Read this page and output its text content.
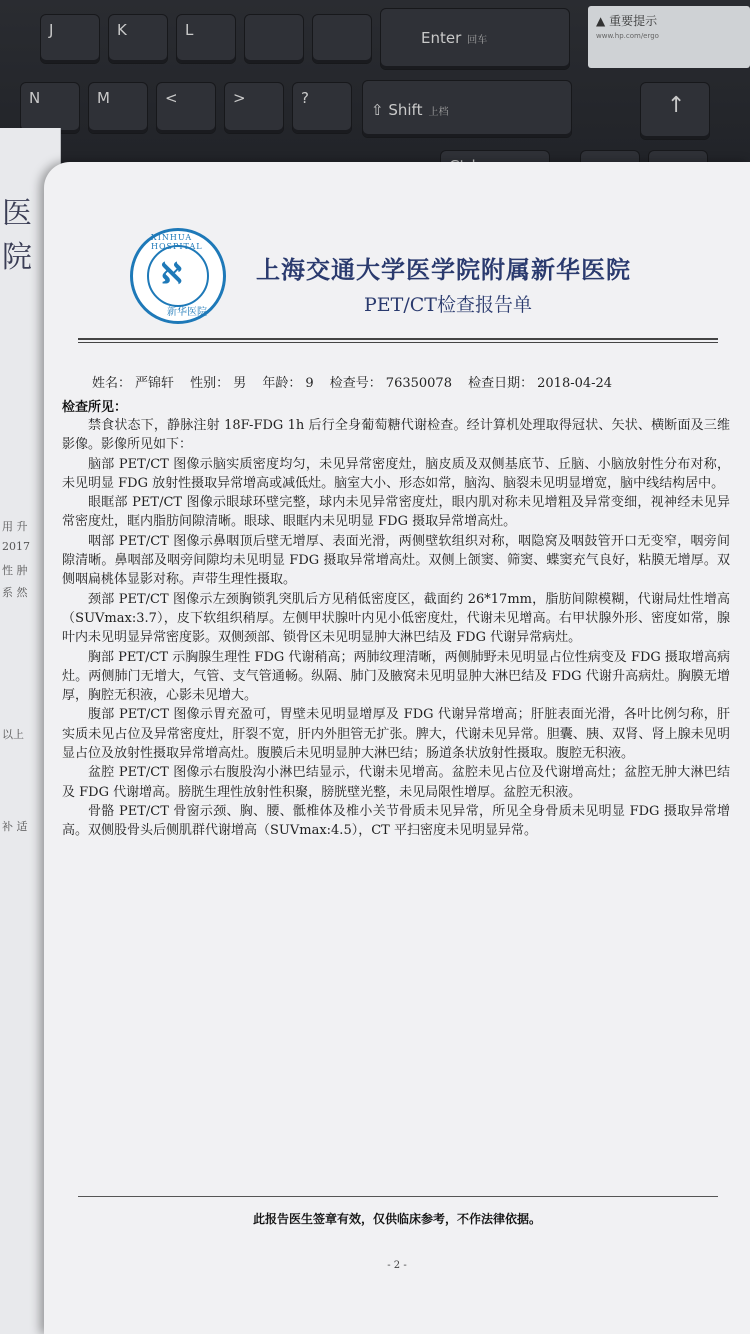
J	K	L	Enter 回车
N	M	<	>	?
⇧ Shift 上档	↑
▲ 重要提示
www.hp.com/ergo
医院
用 升
2017
性 肿
系 然
以上
补 适
XINHUA HOSPITAL
ℵ
新华医院
上海交通大学医学院附属新华医院
PET/CT检查报告单
姓名： 严锦轩 性别： 男 年龄： 9 检查号： 76350078 检查日期： 2018-04-24
检查所见：

禁食状态下，静脉注射 18F-FDG 1h 后行全身葡萄糖代谢检查。经计算机处理取得冠状、矢状、横断面及三维影像。影像所见如下：

脑部 PET/CT 图像示脑实质密度均匀，未见异常密度灶，脑皮质及双侧基底节、丘脑、小脑放射性分布对称，未见明显 FDG 放射性摄取异常增高或减低灶。脑室大小、形态如常，脑沟、脑裂未见明显增宽，脑中线结构居中。

眼眶部 PET/CT 图像示眼球环壁完整，球内未见异常密度灶，眼内肌对称未见增粗及异常变细，视神经未见异常密度灶，眶内脂肪间隙清晰。眼球、眼眶内未见明显 FDG 摄取异常增高灶。

咽部 PET/CT 图像示鼻咽顶后壁无增厚、表面光滑，两侧壁软组织对称，咽隐窝及咽鼓管开口无变窄，咽旁间隙清晰。鼻咽部及咽旁间隙均未见明显 FDG 摄取异常增高灶。双侧上颌窦、筛窦、蝶窦充气良好，粘膜无增厚。双侧咽扁桃体显影对称。声带生理性摄取。

颈部 PET/CT 图像示左颈胸锁乳突肌后方见稍低密度区，截面约 26*17mm，脂肪间隙模糊，代谢局灶性增高（SUVmax:3.7），皮下软组织稍厚。左侧甲状腺叶内见小低密度灶，代谢未见增高。右甲状腺外形、密度如常，腺叶内未见明显异常密度影。双侧颈部、锁骨区未见明显肿大淋巴结及 FDG 代谢异常病灶。

胸部 PET/CT 示胸腺生理性 FDG 代谢稍高；两肺纹理清晰，两侧肺野未见明显占位性病变及 FDG 摄取增高病灶。两侧肺门无增大，气管、支气管通畅。纵隔、肺门及腋窝未见明显肿大淋巴结及 FDG 代谢升高病灶。胸膜无增厚，胸腔无积液，心影未见增大。

腹部 PET/CT 图像示胃充盈可，胃壁未见明显增厚及 FDG 代谢异常增高；肝脏表面光滑，各叶比例匀称，肝实质未见占位及异常密度灶，肝裂不宽，肝内外胆管无扩张。脾大，代谢未见异常。胆囊、胰、双肾、肾上腺未见明显占位及放射性摄取异常增高灶。腹膜后未见明显肿大淋巴结；肠道条状放射性摄取。腹腔无积液。

盆腔 PET/CT 图像示右腹股沟小淋巴结显示，代谢未见增高。盆腔未见占位及代谢增高灶；盆腔无肿大淋巴结及 FDG 代谢增高。膀胱生理性放射性积聚，膀胱壁光整，未见局限性增厚。盆腔无积液。

骨骼 PET/CT 骨窗示颈、胸、腰、骶椎体及椎小关节骨质未见异常，所见全身骨质未见明显 FDG 摄取异常增高。双侧股骨头后侧肌群代谢增高（SUVmax:4.5），CT 平扫密度未见明显异常。

此报告医生签章有效，仅供临床参考，不作法律依据。
- 2 -
